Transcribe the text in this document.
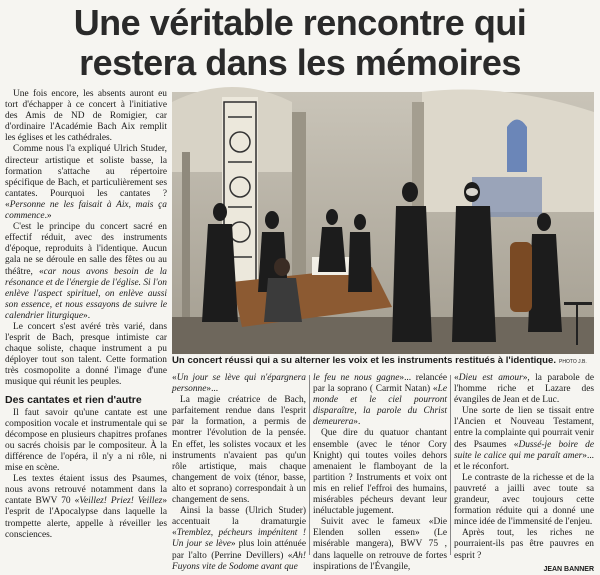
Une véritable rencontre qui
restera dans les mémoires

Une fois encore, les absents auront eu tort d'échapper à ce concert à l'initiative des Amis de ND de Romigier, car d'ordinaire l'Académie Bach Aix remplit les églises et les cathédrales.

Comme nous l'a expliqué Ulrich Studer, directeur artistique et soliste basse, la formation s'attache au répertoire spécifique de Bach, et particulièrement ses cantates. Pourquoi les cantates ? «Personne ne les faisait à Aix, mais ça commence.»

C'est le principe du concert sacré en effectif réduit, avec des instruments d'époque, reproduits à l'identique. Aucun gala ne se déroule en salle des fêtes ou au théâtre, «car nous avons besoin de la résonance et de l'énergie de l'église. Si l'on enlève l'aspect spirituel, on enlève aussi son essence, et nous essayons de suivre le calendrier liturgique».

Le concert s'est avéré très varié, dans l'esprit de Bach, presque intimiste car chaque soliste, chaque instrument a pu déployer tout son talent. Cette formation très cosmopolite a donné l'image d'une musique qui réunit les peuples.

Des cantates et rien d'autre

Il faut savoir qu'une cantate est une composition vocale et instrumentale qui se décompose en plusieurs chapitres profanes ou sacrés choisis par le compositeur. À la différence de l'opéra, il n'y a ni rôle, ni mise en scène.

Les textes étaient issus des Psaumes, nous avons retrouvé notamment dans la cantate BWV 70 «Veillez! Priez! Veillez» l'esprit de l'Apocalypse dans laquelle la trompette alerte, appelle à réveiller les consciences.

Un concert réussi qui a su alterner les voix et les instruments restitués à l'identique. PHOTO J.B.

«Un jour se lève qui n'épargnera personne»...

La magie créatrice de Bach, parfaitement rendue dans l'esprit par la formation, a permis de montrer l'évolution de la pensée. En effet, les solistes vocaux et les instruments n'avaient pas qu'un rôle artistique, mais chaque changement de voix (ténor, basse, alto et soprano) correspondait à un changement de sens.

Ainsi la basse (Ulrich Studer) accentuait la dramaturgie «Tremblez, pécheurs impénitent ! Un jour se lève» plus loin atténuée par l'alto (Perrine Devillers) «Ah! Fuyons vite de Sodome avant que

le feu ne nous gagne»... relancée par la soprano ( Carmit Natan) «Le monde et le ciel pourront disparaître, la parole du Christ demeurera».

Que dire du quatuor chantant ensemble (avec le ténor Cory Knight) qui toutes voiles dehors amenaient le flamboyant de la partition ? Instruments et voix ont mis en relief l'effroi des humains, misérables pécheurs devant leur inéluctable jugement.

Suivit avec le fameux «Die Elenden sollen essen» (Le misérable mangera), BWV 75 , dans laquelle on retrouve de fortes inspirations de l'Évangile,

«Dieu est amour», la parabole de l'homme riche et Lazare des évangiles de Jean et de Luc.

Une sorte de lien se tissait entre l'Ancien et Nouveau Testament, entre la complainte qui pourrait venir des Psaumes «Dussé-je boire de suite le calice qui me paraît amer»... et le réconfort.

Le contraste de la richesse et de la pauvreté a jailli avec toute sa grandeur, avec toujours cette formation réduite qui a donné une mince idée de l'immensité de l'enjeu.

Après tout, les riches ne pourraient-ils pas être pauvres en esprit ?

JEAN BANNER
